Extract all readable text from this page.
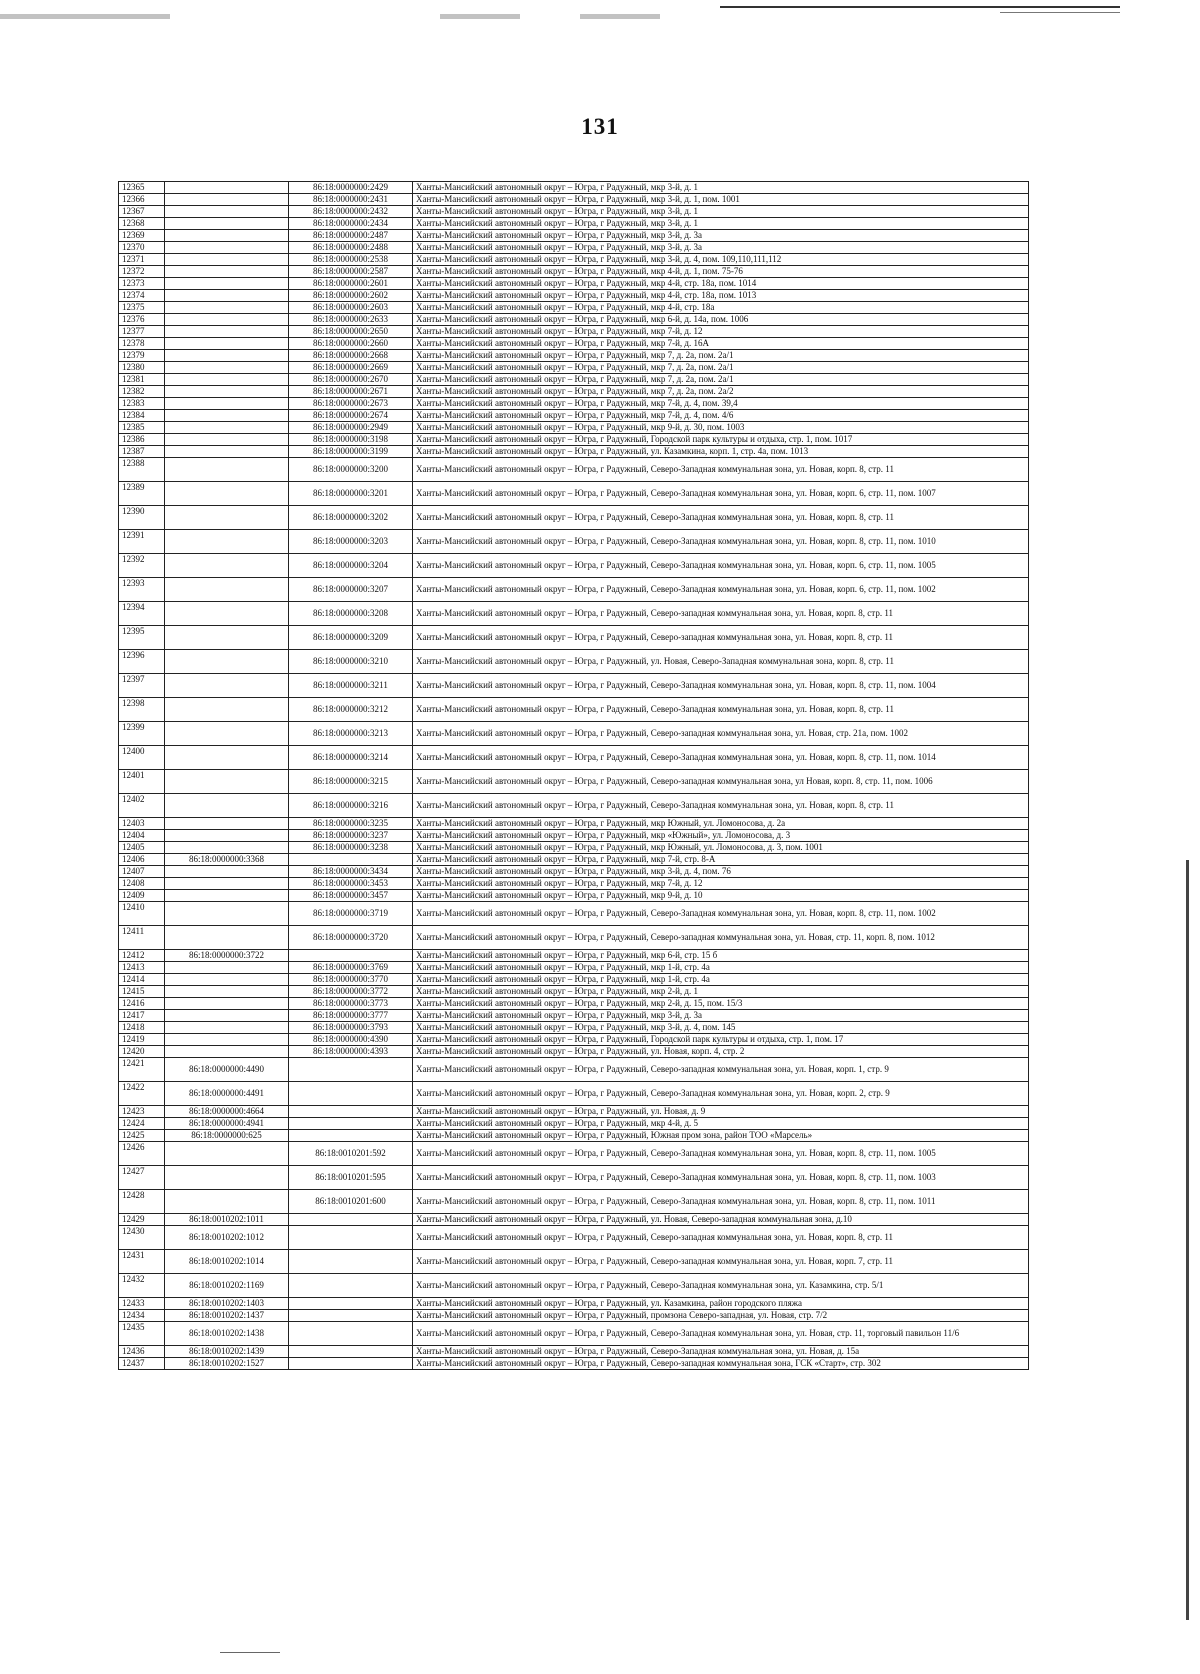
131
12365		86:18:0000000:2429	Ханты-Мансийский автономный округ – Югра, г Радужный, мкр 3-й, д. 1
12366		86:18:0000000:2431	Ханты-Мансийский автономный округ – Югра, г Радужный, мкр 3-й, д. 1, пом. 1001
12367		86:18:0000000:2432	Ханты-Мансийский автономный округ – Югра, г Радужный, мкр 3-й, д. 1
12368		86:18:0000000:2434	Ханты-Мансийский автономный округ – Югра, г Радужный, мкр 3-й, д. 1
12369		86:18:0000000:2487	Ханты-Мансийский автономный округ – Югра, г Радужный, мкр 3-й, д. 3а
12370		86:18:0000000:2488	Ханты-Мансийский автономный округ – Югра, г Радужный, мкр 3-й, д. 3а
12371		86:18:0000000:2538	Ханты-Мансийский автономный округ – Югра, г Радужный, мкр 3-й, д. 4, пом. 109,110,111,112
12372		86:18:0000000:2587	Ханты-Мансийский автономный округ – Югра, г Радужный, мкр 4-й, д. 1, пом. 75-76
12373		86:18:0000000:2601	Ханты-Мансийский автономный округ – Югра, г Радужный, мкр 4-й, стр. 18а, пом. 1014
12374		86:18:0000000:2602	Ханты-Мансийский автономный округ – Югра, г Радужный, мкр 4-й, стр. 18а, пом. 1013
12375		86:18:0000000:2603	Ханты-Мансийский автономный округ – Югра, г Радужный, мкр 4-й, стр. 18а
12376		86:18:0000000:2633	Ханты-Мансийский автономный округ – Югра, г Радужный, мкр 6-й, д. 14а, пом. 1006
12377		86:18:0000000:2650	Ханты-Мансийский автономный округ – Югра, г Радужный, мкр 7-й, д. 12
12378		86:18:0000000:2660	Ханты-Мансийский автономный округ – Югра, г Радужный, мкр 7-й, д. 16А
12379		86:18:0000000:2668	Ханты-Мансийский автономный округ – Югра, г Радужный, мкр 7, д. 2а, пом. 2а/1
12380		86:18:0000000:2669	Ханты-Мансийский автономный округ – Югра, г Радужный, мкр 7, д. 2а, пом. 2а/1
12381		86:18:0000000:2670	Ханты-Мансийский автономный округ – Югра, г Радужный, мкр 7, д. 2а, пом. 2а/1
12382		86:18:0000000:2671	Ханты-Мансийский автономный округ – Югра, г Радужный, мкр 7, д. 2а, пом. 2а/2
12383		86:18:0000000:2673	Ханты-Мансийский автономный округ – Югра, г Радужный, мкр 7-й, д. 4, пом. 39,4
12384		86:18:0000000:2674	Ханты-Мансийский автономный округ – Югра, г Радужный, мкр 7-й, д. 4, пом. 4/6
12385		86:18:0000000:2949	Ханты-Мансийский автономный округ – Югра, г Радужный, мкр 9-й, д. 30, пом. 1003
12386		86:18:0000000:3198	Ханты-Мансийский автономный округ – Югра, г Радужный, Городской парк культуры и отдыха, стр. 1, пом. 1017
12387		86:18:0000000:3199	Ханты-Мансийский автономный округ – Югра, г Радужный, ул. Казамкина, корп. 1, стр. 4а, пом. 1013
12388		86:18:0000000:3200	Ханты-Мансийский автономный округ – Югра, г Радужный, Северо-Западная коммунальная зона, ул. Новая, корп. 8, стр. 11
12389		86:18:0000000:3201	Ханты-Мансийский автономный округ – Югра, г Радужный, Северо-Западная коммунальная зона, ул. Новая, корп. 6, стр. 11, пом. 1007
12390		86:18:0000000:3202	Ханты-Мансийский автономный округ – Югра, г Радужный, Северо-Западная коммунальная зона, ул. Новая, корп. 8, стр. 11
12391		86:18:0000000:3203	Ханты-Мансийский автономный округ – Югра, г Радужный, Северо-Западная коммунальная зона, ул. Новая, корп. 8, стр. 11, пом. 1010
12392		86:18:0000000:3204	Ханты-Мансийский автономный округ – Югра, г Радужный, Северо-Западная коммунальная зона, ул. Новая, корп. 6, стр. 11, пом. 1005
12393		86:18:0000000:3207	Ханты-Мансийский автономный округ – Югра, г Радужный, Северо-Западная коммунальная зона, ул. Новая, корп. 6, стр. 11, пом. 1002
12394		86:18:0000000:3208	Ханты-Мансийский автономный округ – Югра, г Радужный, Северо-западная коммунальная зона, ул. Новая, корп. 8, стр. 11
12395		86:18:0000000:3209	Ханты-Мансийский автономный округ – Югра, г Радужный, Северо-западная коммунальная зона, ул. Новая, корп. 8, стр. 11
12396		86:18:0000000:3210	Ханты-Мансийский автономный округ – Югра, г Радужный, ул. Новая, Северо-Западная коммунальная зона, корп. 8, стр. 11
12397		86:18:0000000:3211	Ханты-Мансийский автономный округ – Югра, г Радужный, Северо-Западная коммунальная зона, ул. Новая, корп. 8, стр. 11, пом. 1004
12398		86:18:0000000:3212	Ханты-Мансийский автономный округ – Югра, г Радужный, Северо-Западная коммунальная зона, ул. Новая, корп. 8, стр. 11
12399		86:18:0000000:3213	Ханты-Мансийский автономный округ – Югра, г Радужный, Северо-западная коммунальная зона, ул. Новая, стр. 21а, пом. 1002
12400		86:18:0000000:3214	Ханты-Мансийский автономный округ – Югра, г Радужный, Северо-Западная коммунальная зона, ул. Новая, корп. 8, стр. 11, пом. 1014
12401		86:18:0000000:3215	Ханты-Мансийский автономный округ – Югра, г Радужный, Северо-западная коммунальная зона, ул Новая, корп. 8, стр. 11, пом. 1006
12402		86:18:0000000:3216	Ханты-Мансийский автономный округ – Югра, г Радужный, Северо-Западная коммунальная зона, ул. Новая, корп. 8, стр. 11
12403		86:18:0000000:3235	Ханты-Мансийский автономный округ – Югра, г Радужный, мкр Южный, ул. Ломоносова, д. 2а
12404		86:18:0000000:3237	Ханты-Мансийский автономный округ – Югра, г Радужный, мкр «Южный», ул. Ломоносова, д. 3
12405		86:18:0000000:3238	Ханты-Мансийский автономный округ – Югра, г Радужный, мкр Южный, ул. Ломоносова, д. 3, пом. 1001
12406	86:18:0000000:3368		Ханты-Мансийский автономный округ – Югра, г Радужный, мкр 7-й, стр. 8-А
12407		86:18:0000000:3434	Ханты-Мансийский автономный округ – Югра, г Радужный, мкр 3-й, д. 4, пом. 76
12408		86:18:0000000:3453	Ханты-Мансийский автономный округ – Югра, г Радужный, мкр 7-й, д. 12
12409		86:18:0000000:3457	Ханты-Мансийский автономный округ – Югра, г Радужный, мкр 9-й, д. 10
12410		86:18:0000000:3719	Ханты-Мансийский автономный округ – Югра, г Радужный, Северо-Западная коммунальная зона, ул. Новая, корп. 8, стр. 11, пом. 1002
12411		86:18:0000000:3720	Ханты-Мансийский автономный округ – Югра, г Радужный, Северо-западная коммунальная зона, ул. Новая, стр. 11, корп. 8, пом. 1012
12412	86:18:0000000:3722		Ханты-Мансийский автономный округ – Югра, г Радужный, мкр 6-й, стр. 15 б
12413		86:18:0000000:3769	Ханты-Мансийский автономный округ – Югра, г Радужный, мкр 1-й, стр. 4а
12414		86:18:0000000:3770	Ханты-Мансийский автономный округ – Югра, г Радужный, мкр 1-й, стр. 4а
12415		86:18:0000000:3772	Ханты-Мансийский автономный округ – Югра, г Радужный, мкр 2-й, д. 1
12416		86:18:0000000:3773	Ханты-Мансийский автономный округ – Югра, г Радужный, мкр 2-й, д. 15, пом. 15/3
12417		86:18:0000000:3777	Ханты-Мансийский автономный округ – Югра, г Радужный, мкр 3-й, д. 3а
12418		86:18:0000000:3793	Ханты-Мансийский автономный округ – Югра, г Радужный, мкр 3-й, д. 4, пом. 145
12419		86:18:0000000:4390	Ханты-Мансийский автономный округ – Югра, г Радужный, Городской парк культуры и отдыха, стр. 1, пом. 17
12420		86:18:0000000:4393	Ханты-Мансийский автономный округ – Югра, г Радужный, ул. Новая, корп. 4, стр. 2
12421	86:18:0000000:4490		Ханты-Мансийский автономный округ – Югра, г Радужный, Северо-западная коммунальная зона, ул. Новая, корп. 1, стр. 9
12422	86:18:0000000:4491		Ханты-Мансийский автономный округ – Югра, г Радужный, Северо-Западная коммунальная зона, ул. Новая, корп. 2, стр. 9
12423	86:18:0000000:4664		Ханты-Мансийский автономный округ – Югра, г Радужный, ул. Новая, д. 9
12424	86:18:0000000:4941		Ханты-Мансийский автономный округ – Югра, г Радужный, мкр 4-й, д. 5
12425	86:18:0000000:625		Ханты-Мансийский автономный округ – Югра, г Радужный, Южная пром зона, район ТОО «Марсель»
12426		86:18:0010201:592	Ханты-Мансийский автономный округ – Югра, г Радужный, Северо-Западная коммунальная зона, ул. Новая, корп. 8, стр. 11, пом. 1005
12427		86:18:0010201:595	Ханты-Мансийский автономный округ – Югра, г Радужный, Северо-Западная коммунальная зона, ул. Новая, корп. 8, стр. 11, пом. 1003
12428		86:18:0010201:600	Ханты-Мансийский автономный округ – Югра, г Радужный, Северо-Западная коммунальная зона, ул. Новая, корп. 8, стр. 11, пом. 1011
12429	86:18:0010202:1011		Ханты-Мансийский автономный округ – Югра, г Радужный, ул. Новая, Северо-западная коммунальная зона, д.10
12430	86:18:0010202:1012		Ханты-Мансийский автономный округ – Югра, г Радужный, Северо-западная коммунальная зона, ул. Новая, корп. 8, стр. 11
12431	86:18:0010202:1014		Ханты-Мансийский автономный округ – Югра, г Радужный, Северо-западная коммунальная зона, ул. Новая, корп. 7, стр. 11
12432	86:18:0010202:1169		Ханты-Мансийский автономный округ – Югра, г Радужный, Северо-Западная коммунальная зона, ул. Казамкина, стр. 5/1
12433	86:18:0010202:1403		Ханты-Мансийский автономный округ – Югра, г Радужный, ул. Казамкина, район городского пляжа
12434	86:18:0010202:1437		Ханты-Мансийский автономный округ – Югра, г Радужный, промзона Северо-западная, ул. Новая, стр. 7/2
12435	86:18:0010202:1438		Ханты-Мансийский автономный округ – Югра, г Радужный, Северо-Западная коммунальная зона, ул. Новая, стр. 11, торговый павильон 11/6
12436	86:18:0010202:1439		Ханты-Мансийский автономный округ – Югра, г Радужный, Северо-Западная коммунальная зона, ул. Новая, д. 15а
12437	86:18:0010202:1527		Ханты-Мансийский автономный округ – Югра, г Радужный, Северо-западная коммунальная зона, ГСК «Старт», стр. 302
